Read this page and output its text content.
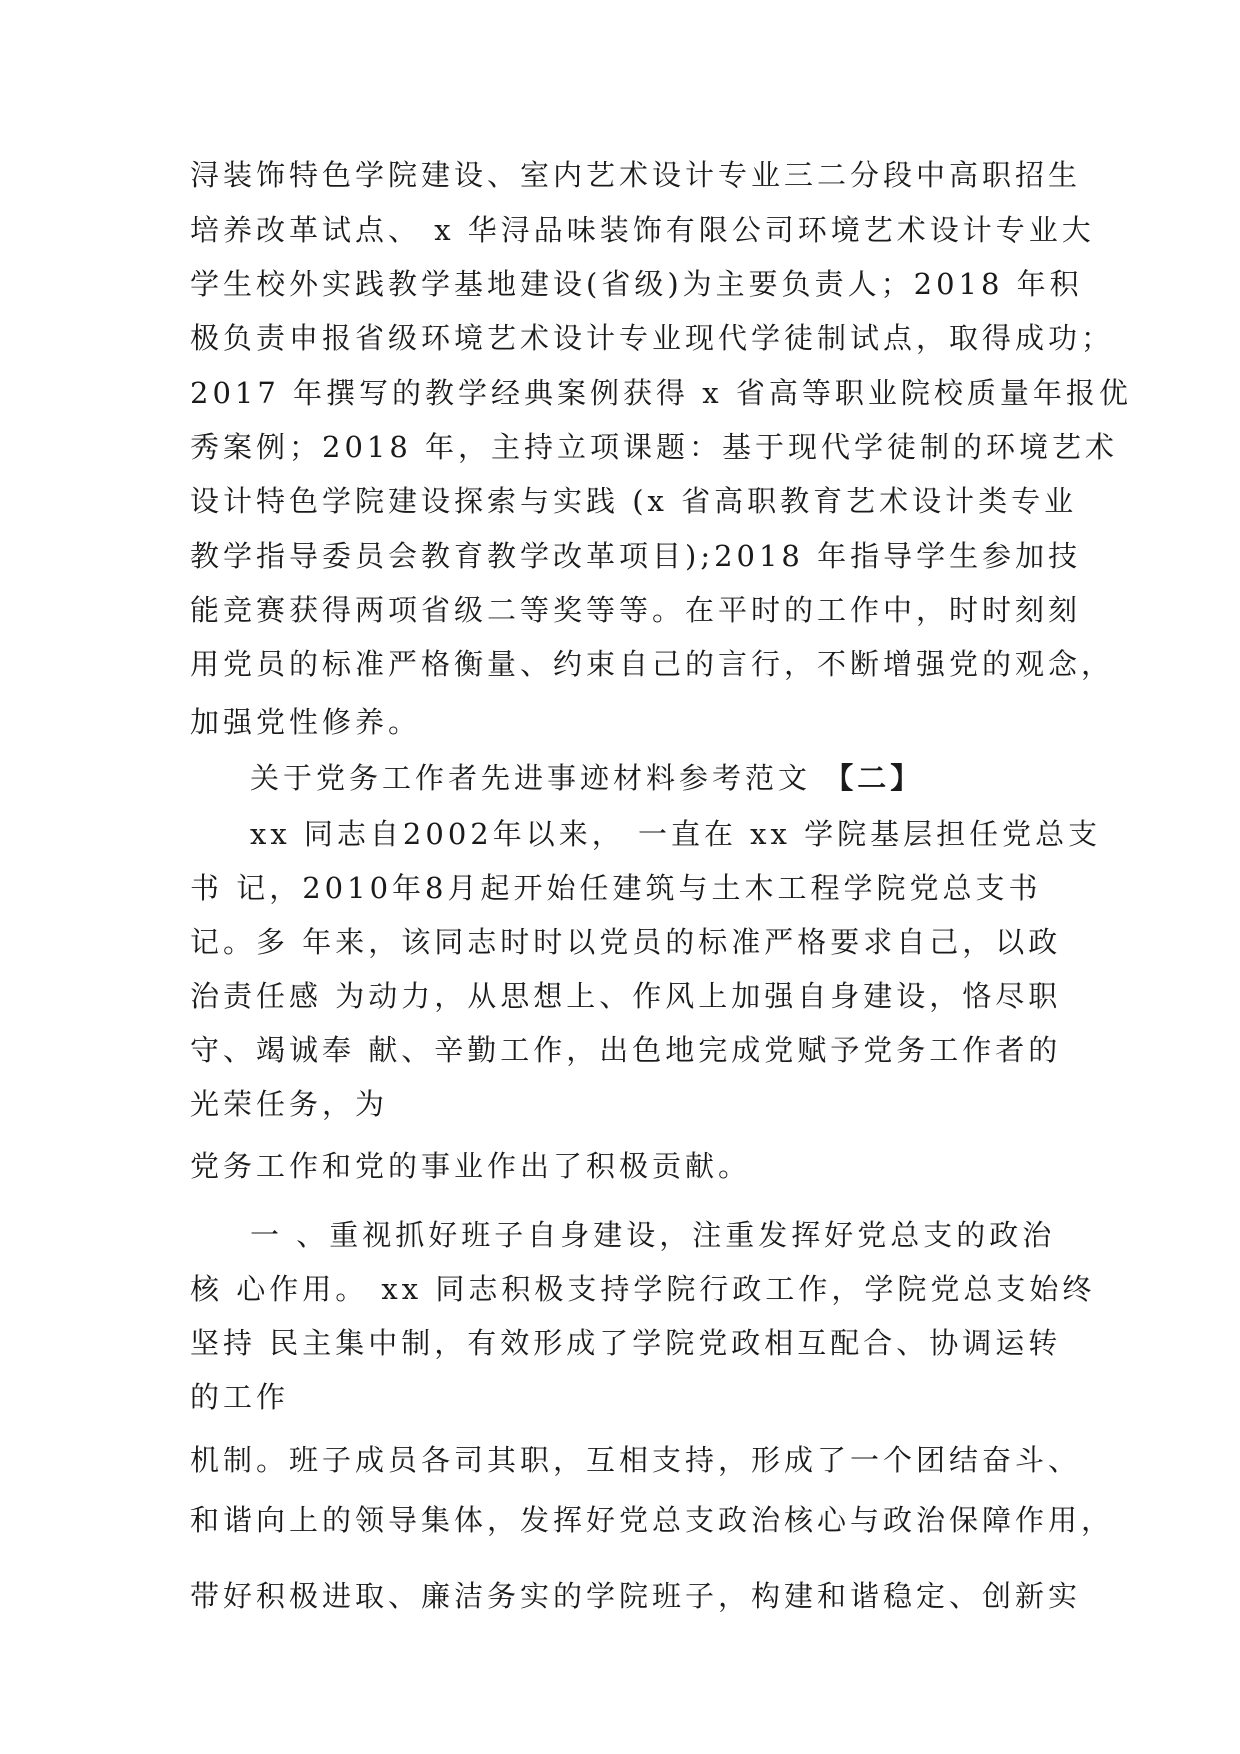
浔装饰特色学院建设、室内艺术设计专业三二分段中高职招生
培养改革试点、 x 华浔品味装饰有限公司环境艺术设计专业大
学生校外实践教学基地建设(省级)为主要负责人；2018 年积
极负责申报省级环境艺术设计专业现代学徒制试点，取得成功；
2017 年撰写的教学经典案例获得 x 省高等职业院校质量年报优
秀案例；2018 年，主持立项课题：基于现代学徒制的环境艺术
设计特色学院建设探索与实践 (x 省高职教育艺术设计类专业
教学指导委员会教育教学改革项目);2018 年指导学生参加技
能竞赛获得两项省级二等奖等等。在平时的工作中，时时刻刻
用党员的标准严格衡量、约束自己的言行，不断增强党的观念，
加强党性修养。
关于党务工作者先进事迹材料参考范文 【二】
xx 同志自2002年以来， 一直在 xx 学院基层担任党总支
书 记，2010年8月起开始任建筑与土木工程学院党总支书
记。多 年来，该同志时时以党员的标准严格要求自己，以政
治责任感 为动力，从思想上、作风上加强自身建设，恪尽职
守、竭诚奉 献、辛勤工作，出色地完成党赋予党务工作者的
光荣任务，为
党务工作和党的事业作出了积极贡献。
一 、重视抓好班子自身建设，注重发挥好党总支的政治
核 心作用。 xx 同志积极支持学院行政工作，学院党总支始终
坚持 民主集中制，有效形成了学院党政相互配合、协调运转
的工作
机制。班子成员各司其职，互相支持，形成了一个团结奋斗、
和谐向上的领导集体，发挥好党总支政治核心与政治保障作用，
带好积极进取、廉洁务实的学院班子，构建和谐稳定、创新实
